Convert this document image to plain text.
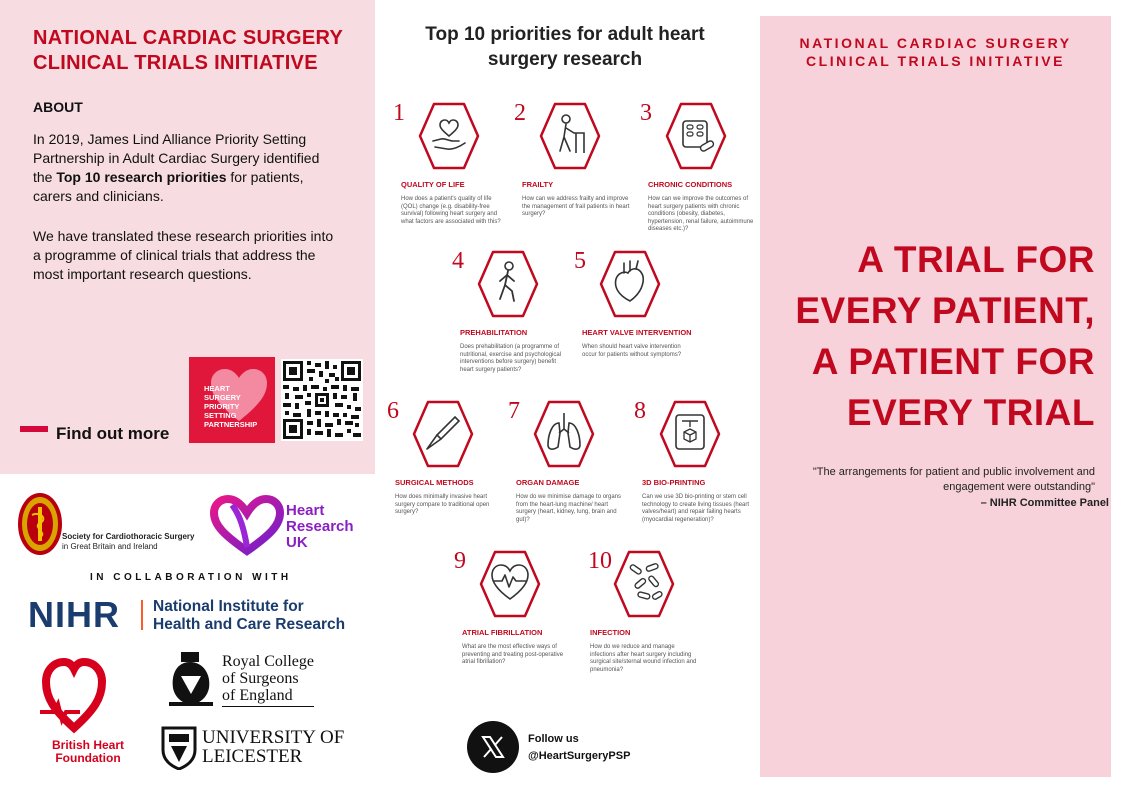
NATIONAL CARDIAC SURGERY CLINICAL TRIALS INITIATIVE
ABOUT
In 2019, James Lind Alliance Priority Setting Partnership in Adult Cardiac Surgery identified the Top 10 research priorities for patients, carers and clinicians.
We have translated these research priorities into a programme of clinical trials that address the most important research questions.
Find out more
HEART
SURGERY
PRIORITY
SETTING
PARTNERSHIP
Society for Cardiothoracic Surgery
in Great Britain and Ireland
Heart
Research
UK
IN COLLABORATION WITH
NIHR National Institute for
Health and Care Research
British Heart
Foundation
Royal College
of Surgeons
of England
UNIVERSITY OF
LEICESTER
Top 10 priorities for adult heart surgery research
1
QUALITY OF LIFE
How does a patient's quality of life (QOL) change (e.g. disability-free survival) following heart surgery and what factors are associated with this?
2
FRAILTY
How can we address frailty and improve the management of frail patients in heart surgery?
3
CHRONIC CONDITIONS
How can we improve the outcomes of heart surgery patients with chronic conditions (obesity, diabetes, hypertension, renal failure, autoimmune diseases etc.)?
4
PREHABILITATION
Does prehabilitation (a programme of nutritional, exercise and psychological interventions before surgery) benefit heart surgery patients?
5
HEART VALVE INTERVENTION
When should heart valve intervention occur for patients without symptoms?
6
SURGICAL METHODS
How does minimally invasive heart surgery compare to traditional open surgery?
7
ORGAN DAMAGE
How do we minimise damage to organs from the heart-lung machine/ heart surgery (heart, kidney, lung, brain and gut)?
8
3D BIO-PRINTING
Can we use 3D bio-printing or stem cell technology to create living tissues (heart valves/heart) and repair failing hearts (myocardial regeneration)?
9
ATRIAL FIBRILLATION
What are the most effective ways of preventing and treating post-operative atrial fibrillation?
10
INFECTION
How do we reduce and manage infections after heart surgery including surgical site/sternal wound infection and pneumonia?
Follow us
@HeartSurgeryPSP
NATIONAL CARDIAC SURGERY
CLINICAL TRIALS INITIATIVE
A TRIAL FOR
EVERY PATIENT,
A PATIENT FOR
EVERY TRIAL
"The arrangements for patient and public involvement and engagement were outstanding"
– NIHR Committee Panel
